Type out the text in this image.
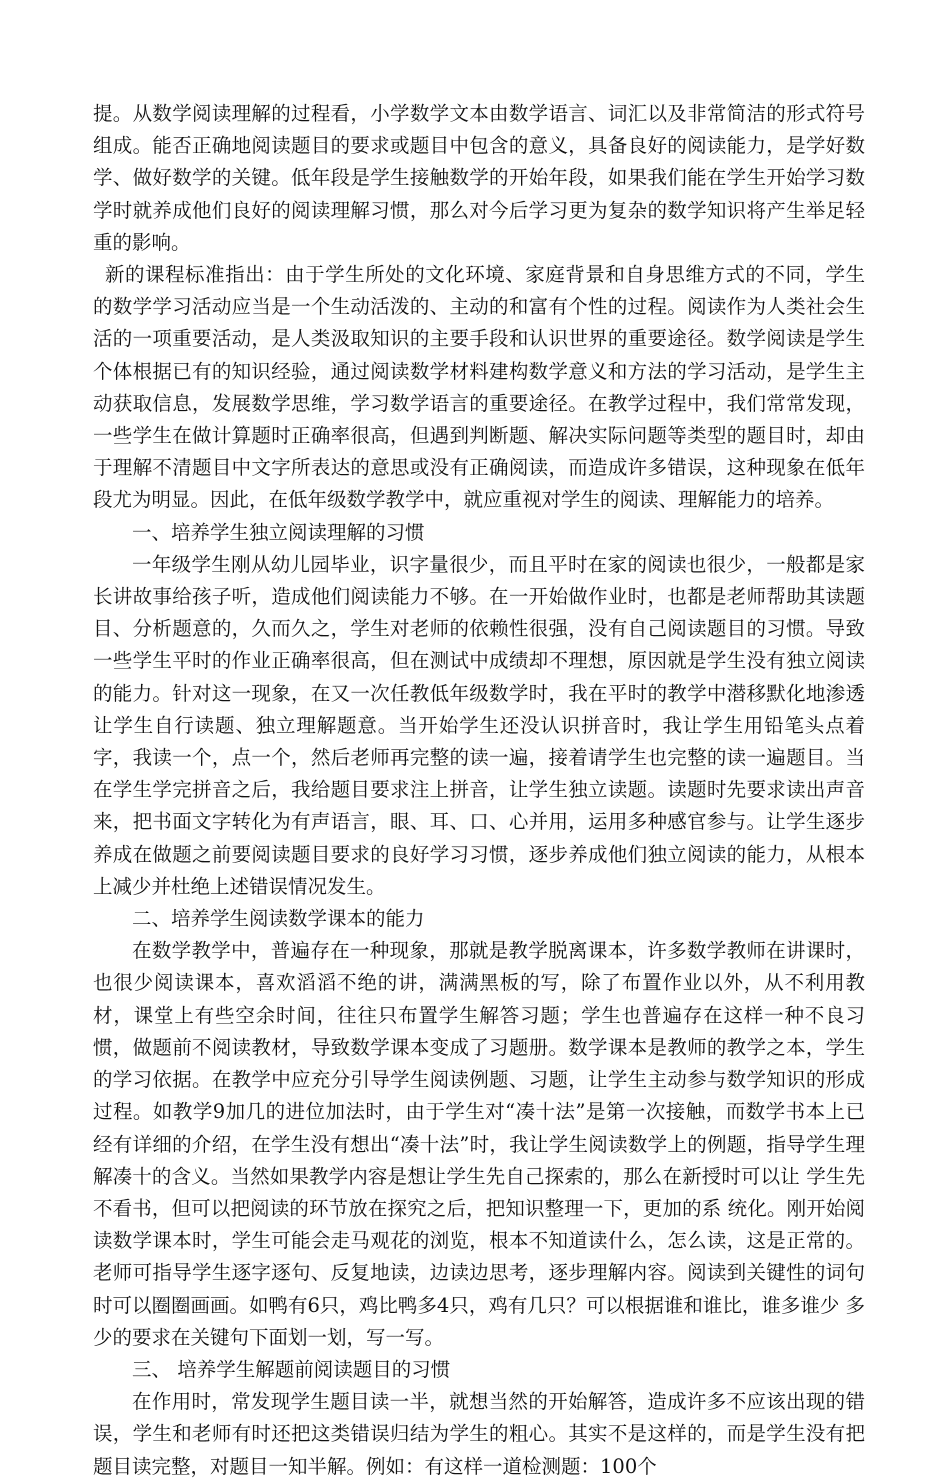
提。从数学阅读理解的过程看，小学数学文本由数学语言、词汇以及非常简洁的形式符号组成。能否正确地阅读题目的要求或题目中包含的意义，具备良好的阅读能力，是学好数学、做好数学的关键。低年段是学生接触数学的开始年段，如果我们能在学生开始学习数学时就养成他们良好的阅读理解习惯，那么对今后学习更为复杂的数学知识将产生举足轻重的影响。

新的课程标准指出：由于学生所处的文化环境、家庭背景和自身思维方式的不同，学生的数学学习活动应当是一个生动活泼的、主动的和富有个性的过程。阅读作为人类社会生活的一项重要活动，是人类汲取知识的主要手段和认识世界的重要途径。数学阅读是学生个体根据已有的知识经验，通过阅读数学材料建构数学意义和方法的学习活动，是学生主动获取信息，发展数学思维，学习数学语言的重要途径。在教学过程中，我们常常发现，一些学生在做计算题时正确率很高，但遇到判断题、解决实际问题等类型的题目时，却由于理解不清题目中文字所表达的意思或没有正确阅读，而造成许多错误，这种现象在低年段尤为明显。因此，在低年级数学教学中，就应重视对学生的阅读、理解能力的培养。

一、培养学生独立阅读理解的习惯

一年级学生刚从幼儿园毕业，识字量很少，而且平时在家的阅读也很少，一般都是家长讲故事给孩子听，造成他们阅读能力不够。在一开始做作业时，也都是老师帮助其读题目、分析题意的，久而久之，学生对老师的依赖性很强，没有自己阅读题目的习惯。导致一些学生平时的作业正确率很高，但在测试中成绩却不理想，原因就是学生没有独立阅读的能力。针对这一现象，在又一次任教低年级数学时，我在平时的教学中潜移默化地渗透让学生自行读题、独立理解题意。当开始学生还没认识拼音时，我让学生用铅笔头点着字，我读一个，点一个，然后老师再完整的读一遍，接着请学生也完整的读一遍题目。当在学生学完拼音之后，我给题目要求注上拼音，让学生独立读题。读题时先要求读出声音来，把书面文字转化为有声语言，眼、耳、口、心并用，运用多种感官参与。让学生逐步养成在做题之前要阅读题目要求的良好学习习惯，逐步养成他们独立阅读的能力，从根本上减少并杜绝上述错误情况发生。

二、培养学生阅读数学课本的能力

在数学教学中，普遍存在一种现象，那就是教学脱离课本，许多数学教师在讲课时，也很少阅读课本，喜欢滔滔不绝的讲，满满黑板的写，除了布置作业以外，从不利用教材，课堂上有些空余时间，往往只布置学生解答习题；学生也普遍存在这样一种不良习惯，做题前不阅读教材，导致数学课本变成了习题册。数学课本是教师的教学之本，学生的学习依据。在教学中应充分引导学生阅读例题、习题，让学生主动参与数学知识的形成过程。如教学9加几的进位加法时，由于学生对“凑十法”是第一次接触，而数学书本上已经有详细的介绍，在学生没有想出“凑十法”时，我让学生阅读数学上的例题，指导学生理解凑十的含义。当然如果教学内容是想让学生先自己探索的，那么在新授时可以让 学生先不看书，但可以把阅读的环节放在探究之后，把知识整理一下，更加的系 统化。刚开始阅读数学课本时，学生可能会走马观花的浏览，根本不知道读什么，怎么读，这是正常的。老师可指导学生逐字逐句、反复地读，边读边思考，逐步理解内容。阅读到关键性的词句时可以圈圈画画。如鸭有6只，鸡比鸭多4只，鸡有几只？可以根据谁和谁比，谁多谁少 多 少的要求在关键句下面划一划，写一写。

三、 培养学生解题前阅读题目的习惯

在作用时，常发现学生题目读一半，就想当然的开始解答，造成许多不应该出现的错误，学生和老师有时还把这类错误归结为学生的粗心。其实不是这样的，而是学生没有把题目读完整，对题目一知半解。例如：有这样一道检测题：100个
